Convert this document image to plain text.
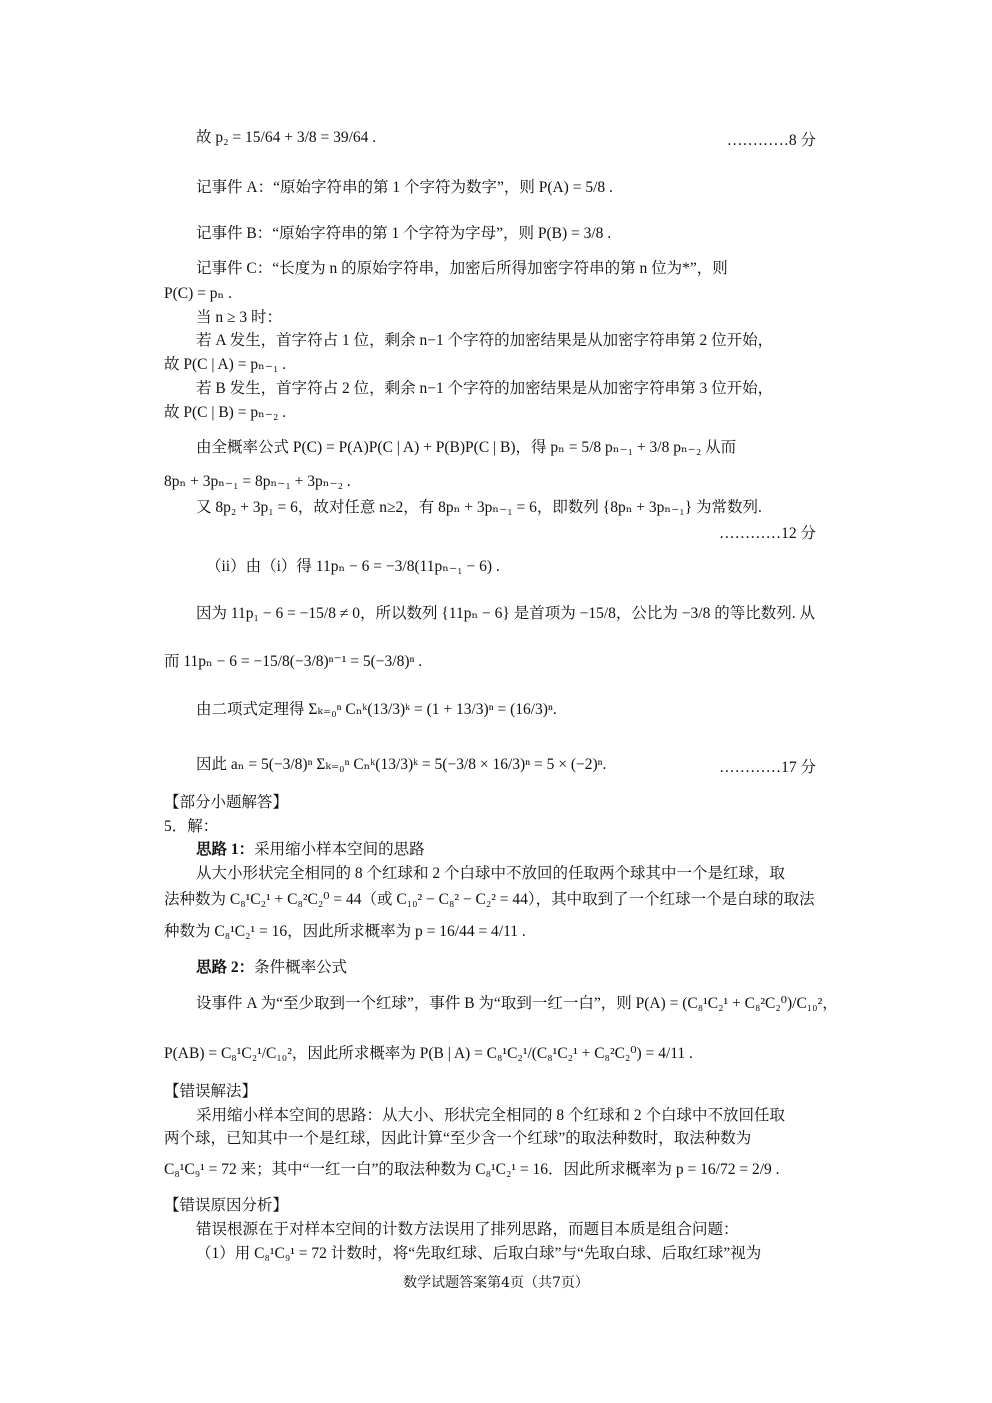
故 p₂ = 15/64 + 3/8 = 39/64 .
记事件 A：“原始字符串的第 1 个字符为数字”，则 P(A) = 5/8 .
记事件 B：“原始字符串的第 1 个字符为字母”，则 P(B) = 3/8 .
记事件 C：“长度为 n 的原始字符串，加密后所得加密字符串的第 n 位为*”，则
P(C) = pₙ .
当 n ≥ 3 时：
若 A 发生，首字符占 1 位，剩余 n−1 个字符的加密结果是从加密字符串第 2 位开始，
故 P(C | A) = pₙ₋₁ .
若 B 发生，首字符占 2 位，剩余 n−1 个字符的加密结果是从加密字符串第 3 位开始，
故 P(C | B) = pₙ₋₂ .
由全概率公式 P(C) = P(A)P(C | A) + P(B)P(C | B)，得 pₙ = 5/8 pₙ₋₁ + 3/8 pₙ₋₂ 从而
8pₙ + 3pₙ₋₁ = 8pₙ₋₁ + 3pₙ₋₂ .
又 8p₂ + 3p₁ = 6，故对任意 n≥2，有 8pₙ + 3pₙ₋₁ = 6，即数列 {8pₙ + 3pₙ₋₁} 为常数列.
（ii）由（i）得 11pₙ − 6 = −3/8(11pₙ₋₁ − 6) .
因为 11p₁ − 6 = −15/8 ≠ 0，所以数列 {11pₙ − 6} 是首项为 −15/8，公比为 −3/8 的等比数列. 从
而 11pₙ − 6 = −15/8(−3/8)ⁿ⁻¹ = 5(−3/8)ⁿ .
由二项式定理得 Σₖ₌₀ⁿ Cₙᵏ(13/3)ᵏ = (1 + 13/3)ⁿ = (16/3)ⁿ.
因此 aₙ = 5(−3/8)ⁿ Σₖ₌₀ⁿ Cₙᵏ(13/3)ᵏ = 5(−3/8 × 16/3)ⁿ = 5 × (−2)ⁿ.
【部分小题解答】
5．解：
思路 1：采用缩小样本空间的思路
从大小形状完全相同的 8 个红球和 2 个白球中不放回的任取两个球其中一个是红球，取
法种数为 C₈¹C₂¹ + C₈²C₂⁰ = 44（或 C₁₀² − C₈² − C₂² = 44），其中取到了一个红球一个是白球的取法
种数为 C₈¹C₂¹ = 16，因此所求概率为 p = 16/44 = 4/11 .
思路 2：条件概率公式
设事件 A 为“至少取到一个红球”，事件 B 为“取到一红一白”，则 P(A) = (C₈¹C₂¹ + C₈²C₂⁰)/C₁₀²，
P(AB) = C₈¹C₂¹/C₁₀²，因此所求概率为 P(B | A) = C₈¹C₂¹/(C₈¹C₂¹ + C₈²C₂⁰) = 4/11 .
【错误解法】
采用缩小样本空间的思路：从大小、形状完全相同的 8 个红球和 2 个白球中不放回任取
两个球，已知其中一个是红球，因此计算“至少含一个红球”的取法种数时，取法种数为
C₈¹C₉¹ = 72 来；其中“一红一白”的取法种数为 C₈¹C₂¹ = 16．因此所求概率为 p = 16/72 = 2/9 .
【错误原因分析】
错误根源在于对样本空间的计数方法误用了排列思路，而题目本质是组合问题：
（1）用 C₈¹C₉¹ = 72 计数时，将“先取红球、后取白球”与“先取白球、后取红球”视为
…………8 分
…………12 分
…………17 分
数学试题答案第4页（共7页）
